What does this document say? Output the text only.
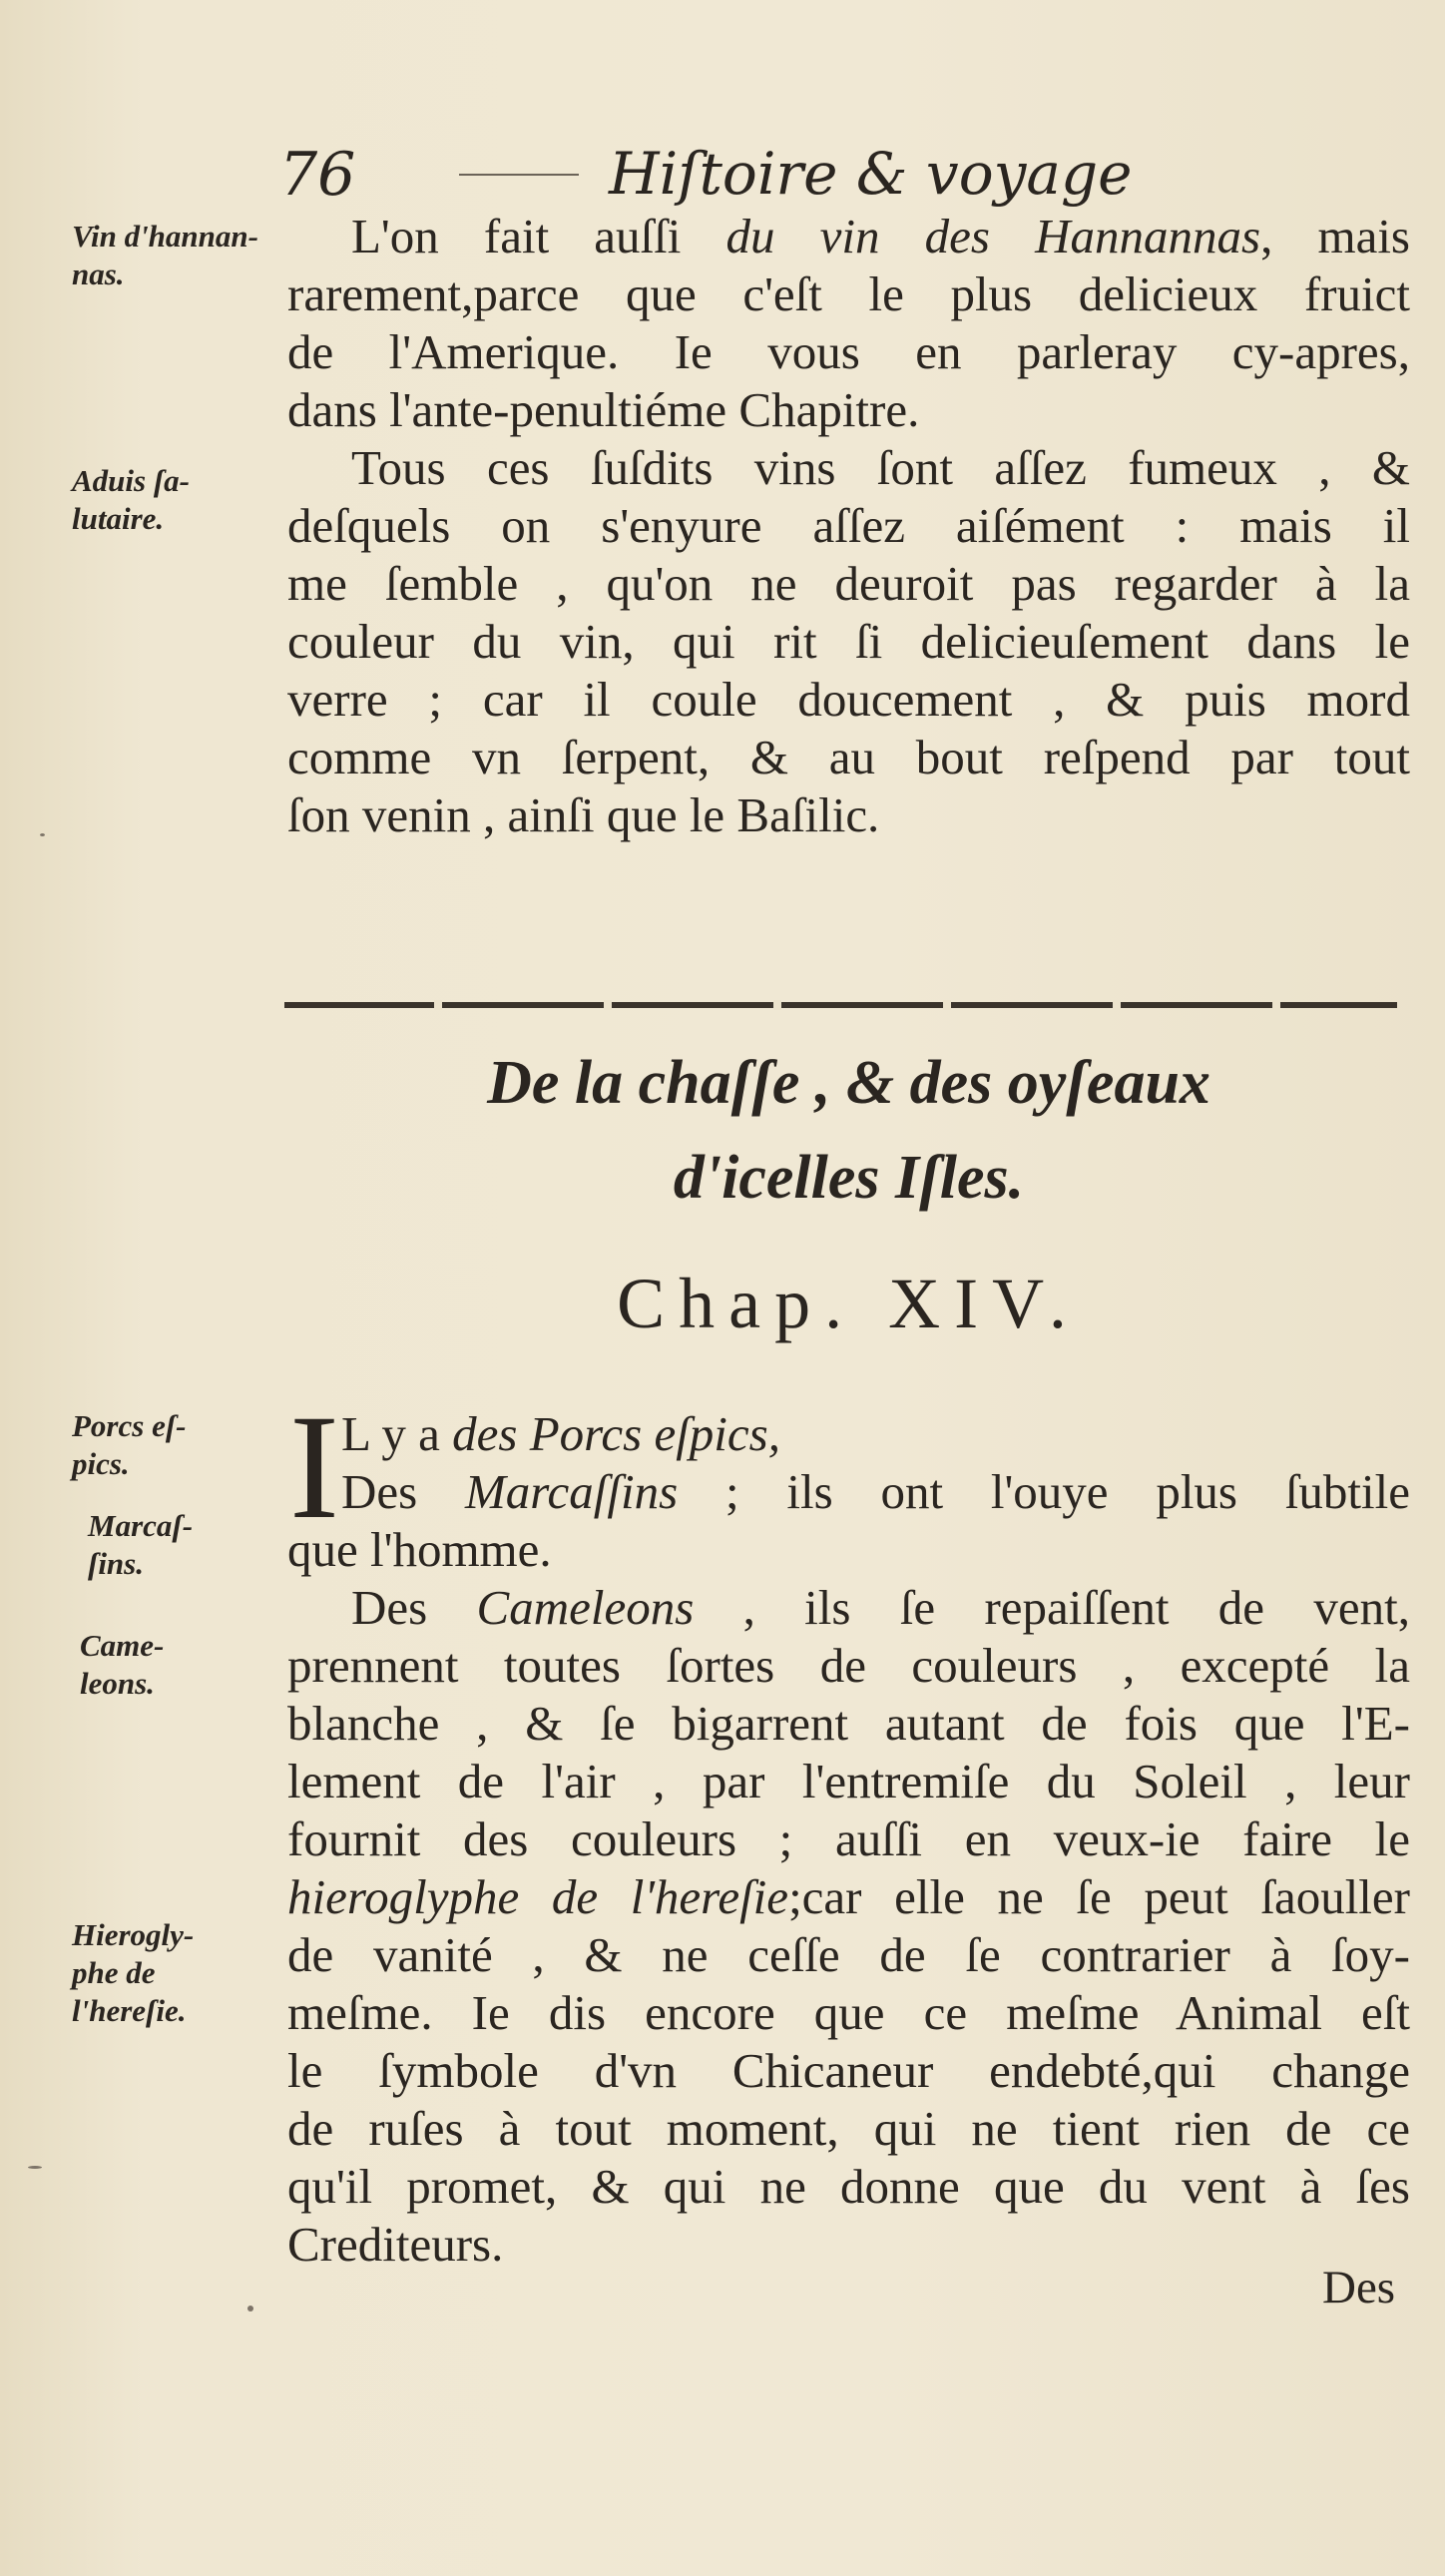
76	Hiſtoire & voyage
Vin d'hannan-
nas.
Aduis ſa-
lutaire.
Porcs eſ-
pics.
Marcaſ-
ſins.
Came-
leons.
Hierogly-
phe de
l'hereſie.
L'on fait auſſi du vin des Hannannas, mais
rarement,parce que c'eſt le plus delicieux fruict
de l'Amerique. Ie vous en parleray cy-apres,
dans l'ante-penultiéme Chapitre.
Tous ces ſuſdits vins ſont aſſez fumeux , &
deſquels on s'enyure aſſez aiſément : mais il
me ſemble , qu'on ne deuroit pas regarder à la
couleur du vin, qui rit ſi delicieuſement dans le
verre ; car il coule doucement , & puis mord
comme vn ſerpent, & au bout reſpend par tout
ſon venin , ainſi que le Baſilic.
De la chaſſe , & des oyſeaux
d'icelles Iſles.
Chap. XIV.
I L y a des Porcs eſpics,
Des Marcaſſins ; ils ont l'ouye plus ſubtile
que l'homme.
Des Cameleons , ils ſe repaiſſent de vent,
prennent toutes ſortes de couleurs , excepté la
blanche , & ſe bigarrent autant de fois que l'E-
lement de l'air , par l'entremiſe du Soleil , leur
fournit des couleurs ; auſſi en veux-ie faire le
hieroglyphe de l'hereſie;car elle ne ſe peut ſaouller
de vanité , & ne ceſſe de ſe contrarier à ſoy-
meſme. Ie dis encore que ce meſme Animal eſt
le ſymbole d'vn Chicaneur endebté,qui change
de ruſes à tout moment, qui ne tient rien de ce
qu'il promet, & qui ne donne que du vent à ſes
Crediteurs.
Des
